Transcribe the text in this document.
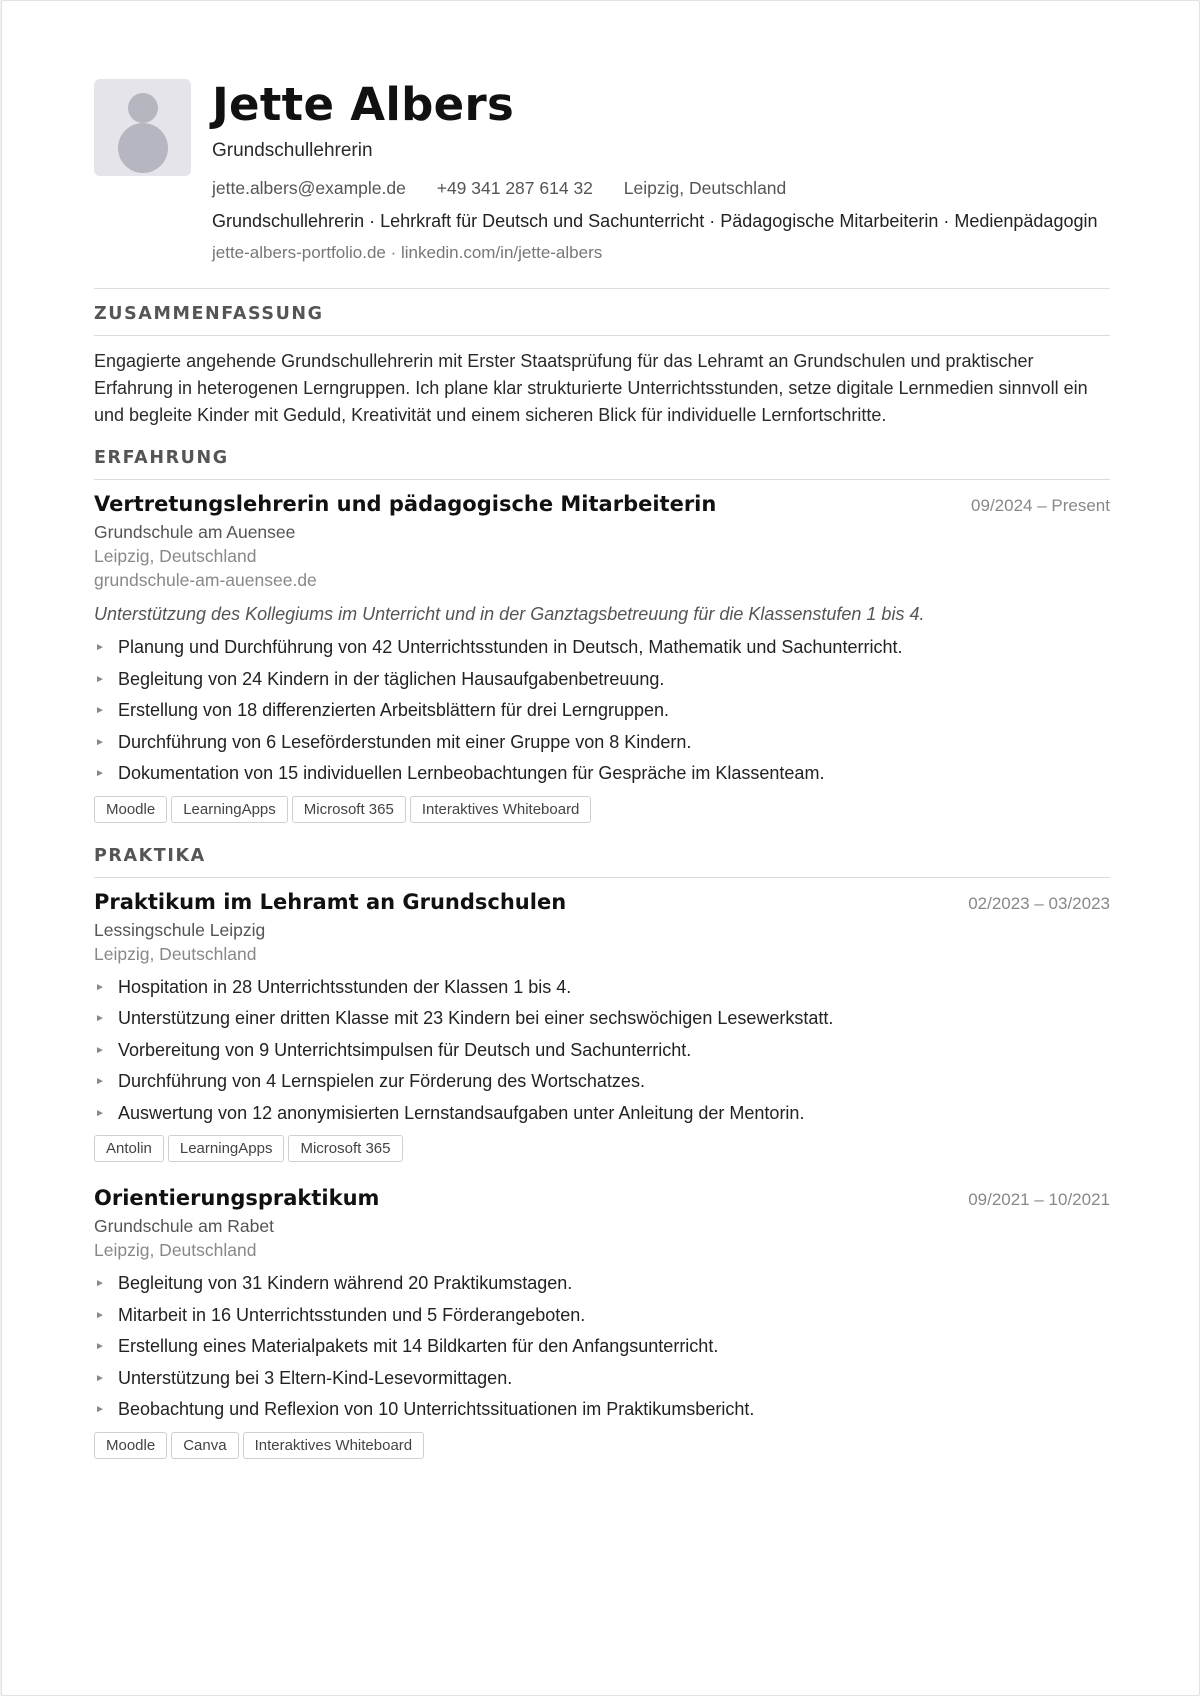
Jette Albers
Grundschullehrerin
jette.albers@example.de +49 341 287 614 32 Leipzig, Deutschland
Grundschullehrerin · Lehrkraft für Deutsch und Sachunterricht · Pädagogische Mitarbeiterin · Medienpädagogin
jette-albers-portfolio.de · linkedin.com/in/jette-albers
ZUSAMMENFASSUNG
Engagierte angehende Grundschullehrerin mit Erster Staatsprüfung für das Lehramt an Grundschulen und praktischer Erfahrung in heterogenen Lerngruppen. Ich plane klar strukturierte Unterrichtsstunden, setze digitale Lernmedien sinnvoll ein und begleite Kinder mit Geduld, Kreativität und einem sicheren Blick für individuelle Lernfortschritte.
ERFAHRUNG
Vertretungslehrerin und pädagogische Mitarbeiterin	09/2024 – Present
Grundschule am Auensee
Leipzig, Deutschland
grundschule-am-auensee.de
Unterstützung des Kollegiums im Unterricht und in der Ganztagsbetreuung für die Klassenstufen 1 bis 4.
► Planung und Durchführung von 42 Unterrichtsstunden in Deutsch, Mathematik und Sachunterricht.
► Begleitung von 24 Kindern in der täglichen Hausaufgabenbetreuung.
► Erstellung von 18 differenzierten Arbeitsblättern für drei Lerngruppen.
► Durchführung von 6 Leseförderstunden mit einer Gruppe von 8 Kindern.
► Dokumentation von 15 individuellen Lernbeobachtungen für Gespräche im Klassenteam.
Moodle	LearningApps	Microsoft 365	Interaktives Whiteboard
PRAKTIKA
Praktikum im Lehramt an Grundschulen	02/2023 – 03/2023
Lessingschule Leipzig
Leipzig, Deutschland
► Hospitation in 28 Unterrichtsstunden der Klassen 1 bis 4.
► Unterstützung einer dritten Klasse mit 23 Kindern bei einer sechswöchigen Lesewerkstatt.
► Vorbereitung von 9 Unterrichtsimpulsen für Deutsch und Sachunterricht.
► Durchführung von 4 Lernspielen zur Förderung des Wortschatzes.
► Auswertung von 12 anonymisierten Lernstandsaufgaben unter Anleitung der Mentorin.
Antolin	LearningApps	Microsoft 365
Orientierungspraktikum	09/2021 – 10/2021
Grundschule am Rabet
Leipzig, Deutschland
► Begleitung von 31 Kindern während 20 Praktikumstagen.
► Mitarbeit in 16 Unterrichtsstunden und 5 Förderangeboten.
► Erstellung eines Materialpakets mit 14 Bildkarten für den Anfangsunterricht.
► Unterstützung bei 3 Eltern-Kind-Lesevormittagen.
► Beobachtung und Reflexion von 10 Unterrichtssituationen im Praktikumsbericht.
Moodle	Canva	Interaktives Whiteboard
